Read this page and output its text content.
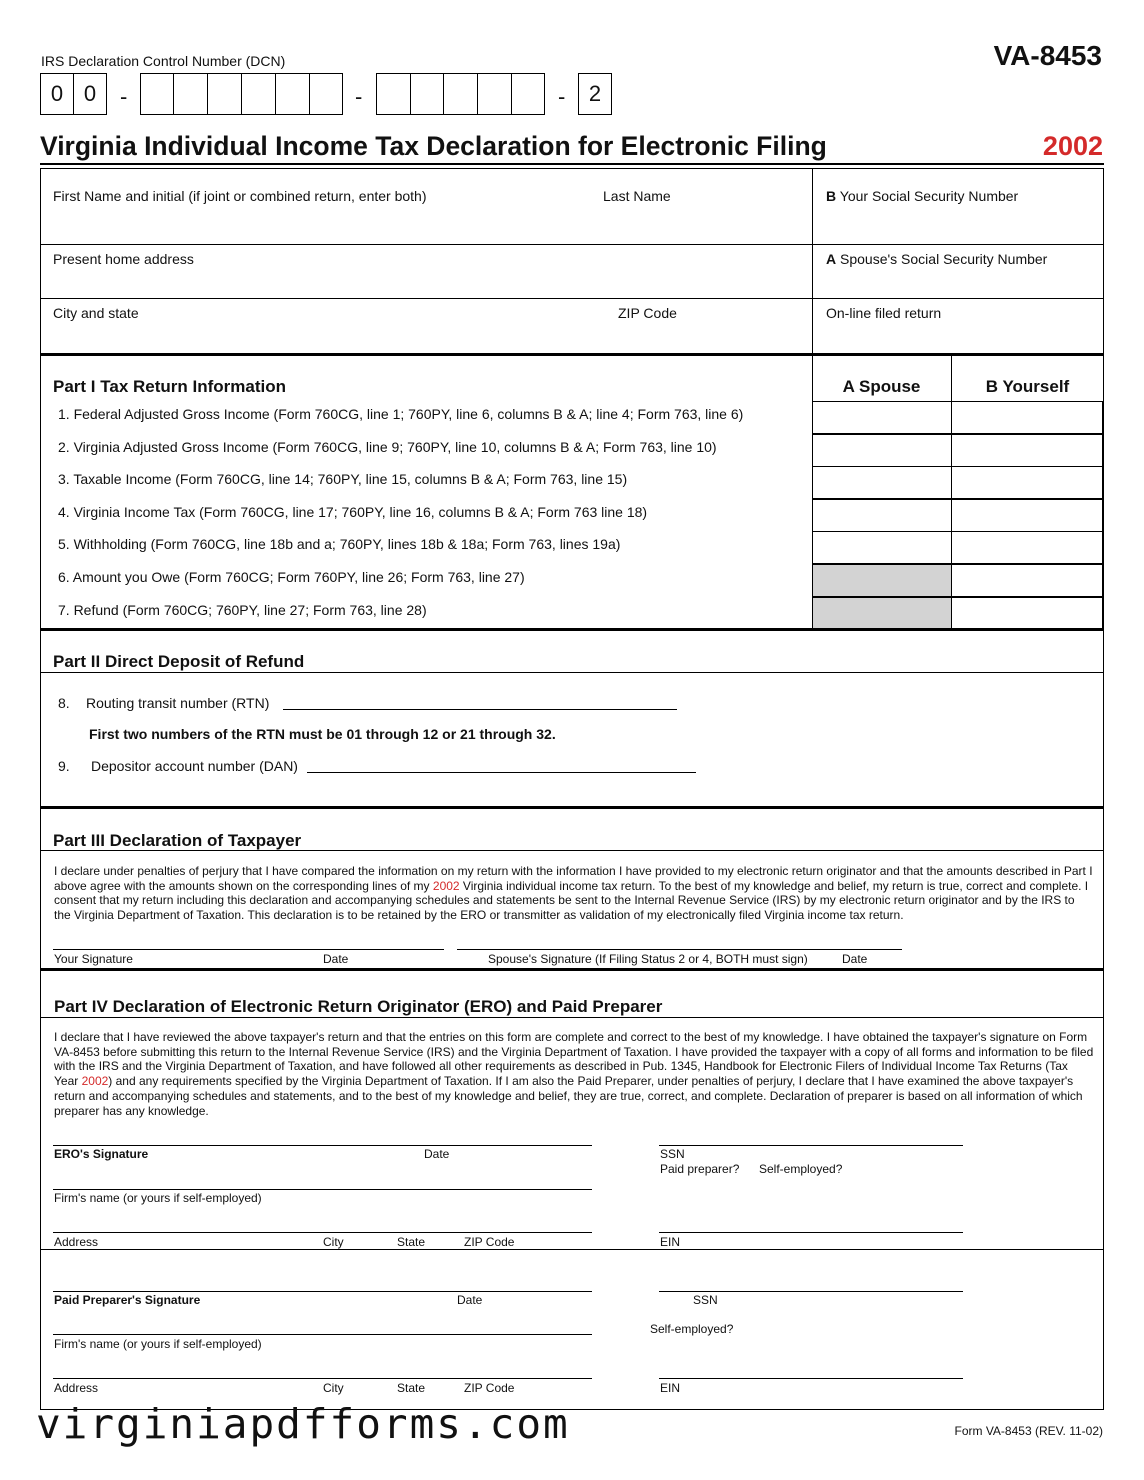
IRS Declaration Control Number (DCN)	VA-8453
0 0	-	-	-	2
Virginia Individual Income Tax Declaration for Electronic Filing	2002
First Name and initial (if joint or combined return, enter both)	Last Name	B Your Social Security Number
Present home address	A Spouse's Social Security Number
City and state	ZIP Code	On-line filed return
Part I Tax Return Information	A Spouse	B Yourself
1. Federal Adjusted Gross Income (Form 760CG, line 1; 760PY, line 6, columns B & A; line 4; Form 763, line 6)
2. Virginia Adjusted Gross Income (Form 760CG, line 9; 760PY, line 10, columns B & A; Form 763, line 10)
3. Taxable Income (Form 760CG, line 14; 760PY, line 15, columns B & A; Form 763, line 15)
4. Virginia Income Tax (Form 760CG, line 17; 760PY, line 16, columns B & A; Form 763 line 18)
5. Withholding (Form 760CG, line 18b and a; 760PY, lines 18b & 18a; Form 763, lines 19a)
6. Amount you Owe (Form 760CG; Form 760PY, line 26; Form 763, line 27)
7. Refund (Form 760CG; 760PY, line 27; Form 763, line 28)
Part II Direct Deposit of Refund
8. Routing transit number (RTN)
First two numbers of the RTN must be 01 through 12 or 21 through 32.
9. Depositor account number (DAN)
Part III Declaration of Taxpayer
I declare under penalties of perjury that I have compared the information on my return with the information I have provided to my electronic return originator and that the amounts described in Part I above agree with the amounts shown on the corresponding lines of my 2002 Virginia individual income tax return. To the best of my knowledge and belief, my return is true, correct and complete. I consent that my return including this declaration and accompanying schedules and statements be sent to the Internal Revenue Service (IRS) by my electronic return originator and by the IRS to the Virginia Department of Taxation. This declaration is to be retained by the ERO or transmitter as validation of my electronically filed Virginia income tax return.
Your Signature	Date	Spouse's Signature (If Filing Status 2 or 4, BOTH must sign)	Date
Part IV Declaration of Electronic Return Originator (ERO) and Paid Preparer
I declare that I have reviewed the above taxpayer's return and that the entries on this form are complete and correct to the best of my knowledge. I have obtained the taxpayer's signature on Form VA-8453 before submitting this return to the Internal Revenue Service (IRS) and the Virginia Department of Taxation. I have provided the taxpayer with a copy of all forms and information to be filed with the IRS and the Virginia Department of Taxation, and have followed all other requirements as described in Pub. 1345, Handbook for Electronic Filers of Individual Income Tax Returns (Tax Year 2002) and any requirements specified by the Virginia Department of Taxation. If I am also the Paid Preparer, under penalties of perjury, I declare that I have examined the above taxpayer's return and accompanying schedules and statements, and to the best of my knowledge and belief, they are true, correct, and complete. Declaration of preparer is based on all information of which preparer has any knowledge.
ERO's Signature	Date	SSN
Paid preparer? Self-employed?
Firm's name (or yours if self-employed)
Address	City	State	ZIP Code	EIN
Paid Preparer's Signature	Date	SSN
Self-employed?
Firm's name (or yours if self-employed)
Address	City	State	ZIP Code	EIN
virginiapdfforms.com	Form VA-8453 (REV. 11-02)
